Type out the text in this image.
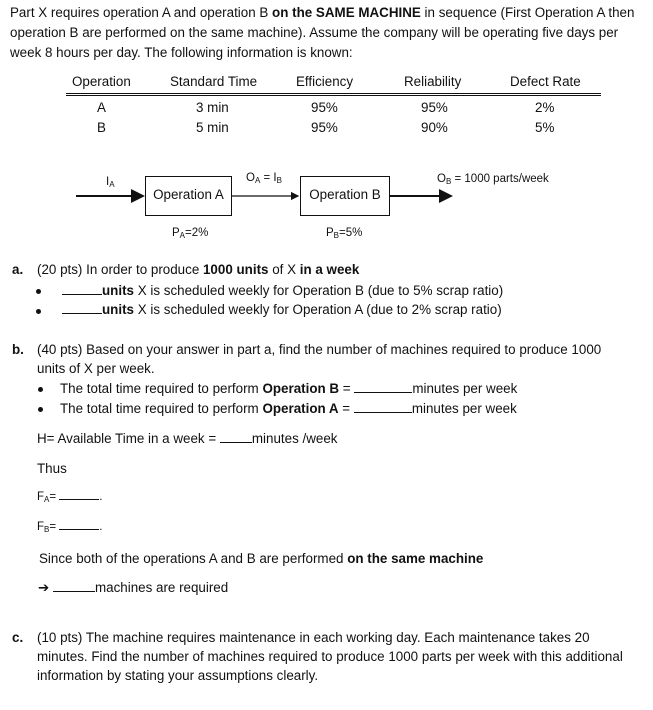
Part X requires operation A and operation B on the SAME MACHINE in sequence (First Operation A then
operation B are performed on the same machine). Assume the company will be operating five days per
week 8 hours per day. The following information is known:
Operation	Standard Time	Efficiency	Reliability	Defect Rate
A	3 min	95%	95%	2%
B	5 min	95%	90%	5%
$I_A$
Operation A	Operation B
$O_A = I_B$	$O_B = 1000$ parts/week
$P_A=2\%$	$P_B=5\%$
a. (20 pts) In order to produce 1000 units of X in a week
units X is scheduled weekly for Operation B (due to 5% scrap ratio)
units X is scheduled weekly for Operation A (due to 2% scrap ratio)
b. (40 pts) Based on your answer in part a, find the number of machines required to produce 1000
units of X per week.
The total time required to perform Operation B =	minutes per week
The total time required to perform Operation A =	minutes per week
H= Available Time in a week =	minutes /week
Thus
$F_A=$	.
$F_B=$	.
Since both of the operations A and B are performed on the same machine
➔	machines are required
c. (10 pts) The machine requires maintenance in each working day. Each maintenance takes 20
minutes. Find the number of machines required to produce 1000 parts per week with this additional
information by stating your assumptions clearly.
